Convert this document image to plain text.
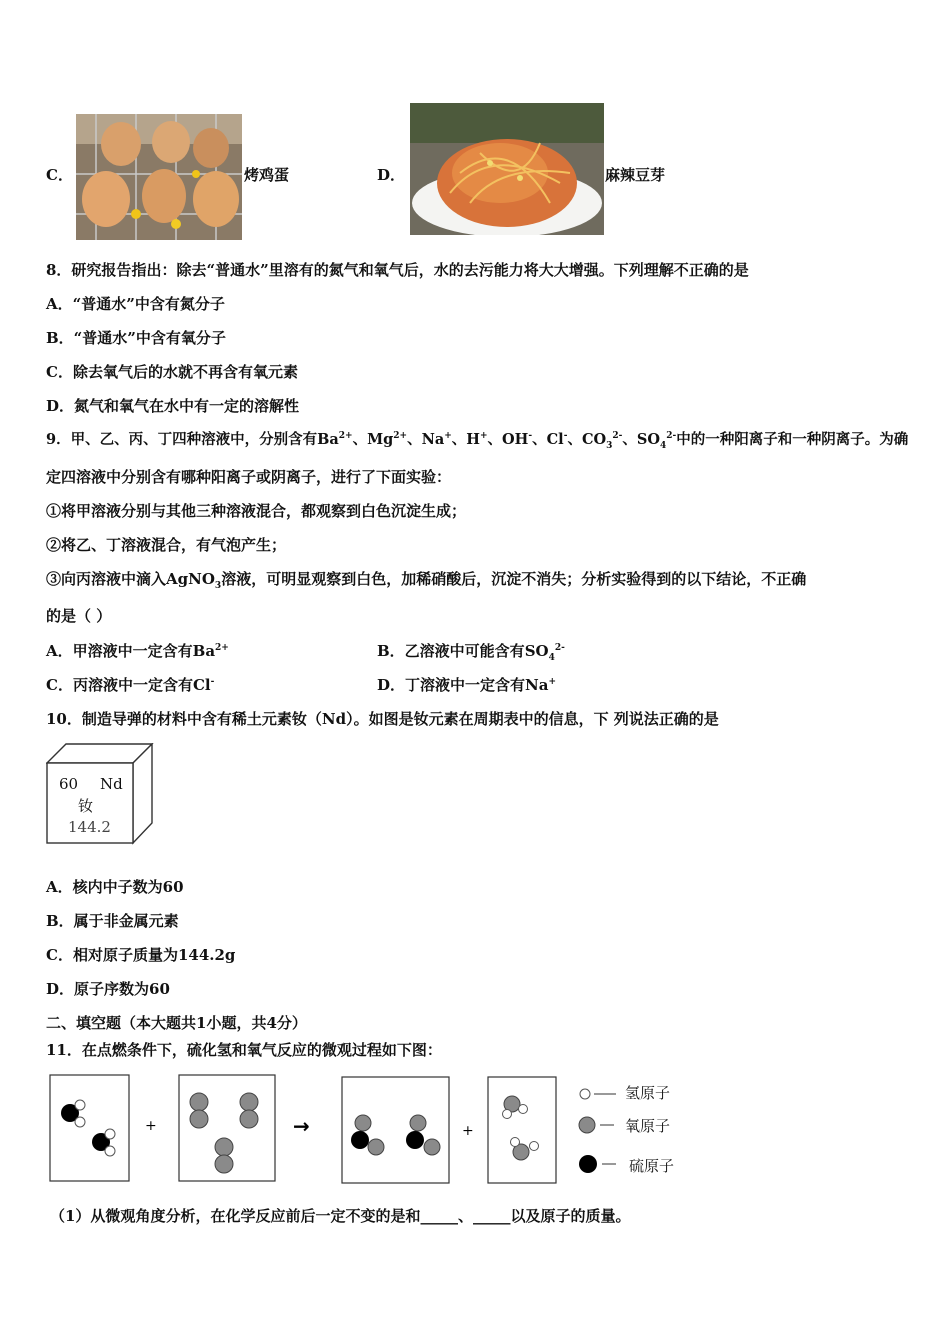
C．	烤鸡蛋	D．	麻辣豆芽
8．研究报告指出：除去“普通水”里溶有的氮气和氧气后，水的去污能力将大大增强。下列理解不正确的是
A．“普通水”中含有氮分子
B．“普通水”中含有氧分子
C．除去氧气后的水就不再含有氧元素
D．氮气和氧气在水中有一定的溶解性
9．甲、乙、丙、丁四种溶液中，分别含有$Ba^{2+}$、$Mg^{2+}$、Na+、H+、OH-、Cl-、$CO_3^{2-}$、$SO_4^{2-}$中的一种阳离子和一种阴离子。为确
定四溶液中分别含有哪种阳离子或阴离子，进行了下面实验：
①将甲溶液分别与其他三种溶液混合，都观察到白色沉淀生成；
②将乙、丁溶液混合，有气泡产生；
③向丙溶液中滴入AgNO$_3$溶液，可明显观察到白色，加稀硝酸后，沉淀不消失；分析实验得到的以下结论，不正确
的是（ ）
A．甲溶液中一定含有$Ba^{2+}$	B．乙溶液中可能含有$SO_4^{2-}$
C．丙溶液中一定含有Cl-	D．丁溶液中一定含有Na+
10．制造导弹的材料中含有稀土元素钕（Nd）。如图是钕元素在周期表中的信息，下 列说法正确的是
60 Nd
钕
144.2
A．核内中子数为60
B．属于非金属元素
C．相对原子质量为144.2g
D．原子序数为60
二、填空题（本大题共1小题，共4分）
11．在点燃条件下，硫化氢和氧气反应的微观过程如下图：
+	→	+
氢原子
氧原子
硫原子
（1）从微观角度分析，在化学反应前后一定不变的是和_____、_____以及原子的质量。
